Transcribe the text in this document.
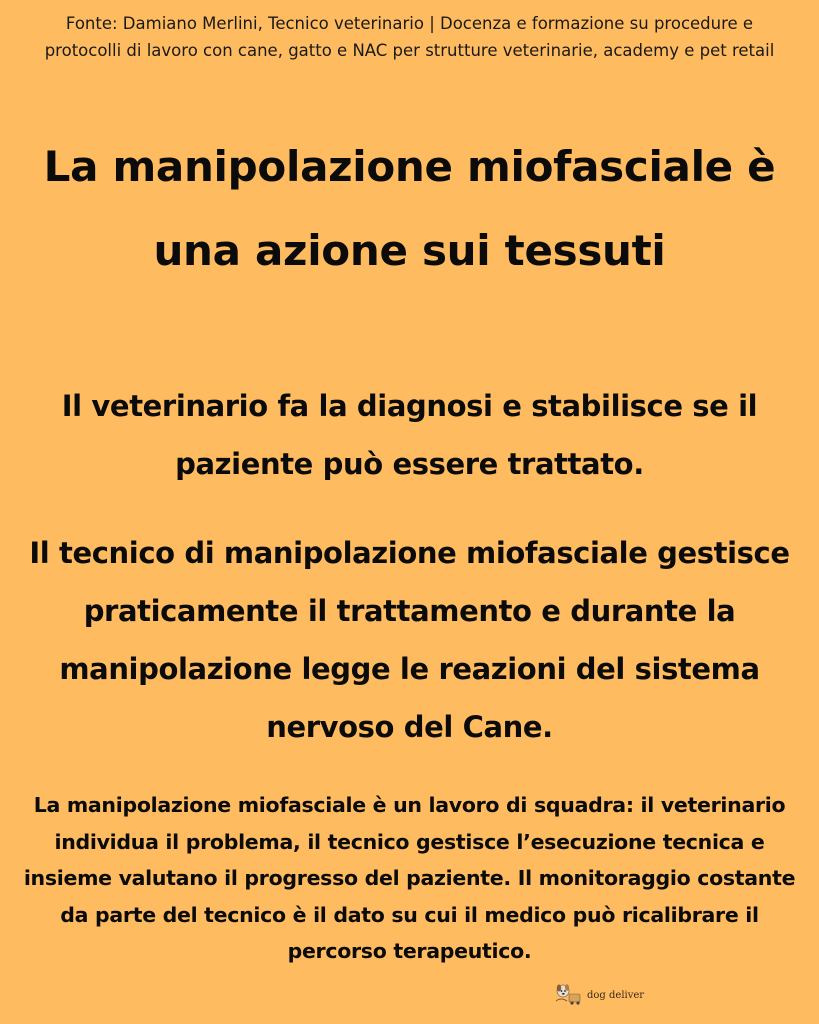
Fonte: Damiano Merlini, Tecnico veterinario | Docenza e formazione su procedure e protocolli di lavoro con cane, gatto e NAC per strutture veterinarie, academy e pet retail
La manipolazione miofasciale è una azione sui tessuti
Il veterinario fa la diagnosi e stabilisce se il paziente può essere trattato.
Il tecnico di manipolazione miofasciale gestisce praticamente il trattamento e durante la manipolazione legge le reazioni del sistema nervoso del Cane.
La manipolazione miofasciale è un lavoro di squadra: il veterinario individua il problema, il tecnico gestisce l’esecuzione tecnica e insieme valutano il progresso del paziente. Il monitoraggio costante da parte del tecnico è il dato su cui il medico può ricalibrare il percorso terapeutico.
dog deliver
